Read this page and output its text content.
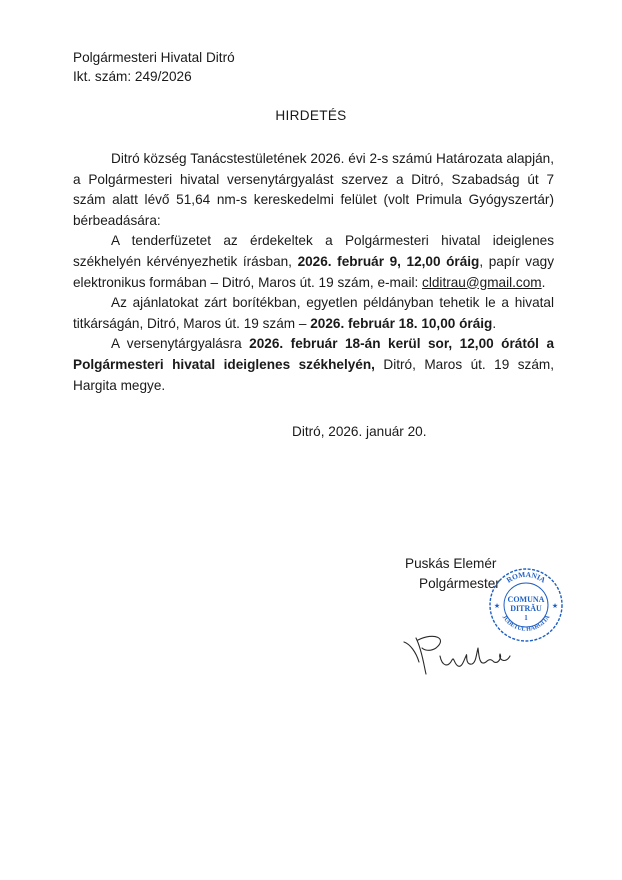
Polgármesteri Hivatal Ditró
Ikt. szám: 249/2026
HIRDETÉS

Ditró község Tanácstestületének 2026. évi 2-s számú Határozata alapján, a Polgármesteri hivatal versenytárgyalást szervez a Ditró, Szabadság út 7 szám alatt lévő 51,64 nm-s kereskedelmi felület (volt Primula Gyógyszertár) bérbeadására:

A tenderfüzetet az érdekeltek a Polgármesteri hivatal ideiglenes székhelyén kérvényezhetik írásban, 2026. február 9, 12,00 óráig, papír vagy elektronikus formában – Ditró, Maros út. 19 szám, e-mail: clditrau@gmail.com.

Az ajánlatokat zárt borítékban, egyetlen példányban tehetik le a hivatal titkárságán, Ditró, Maros út. 19 szám – 2026. február 18. 10,00 óráig.

A versenytárgyalásra 2026. február 18-án kerül sor, 12,00 órától a Polgármesteri hivatal ideiglenes székhelyén, Ditró, Maros út. 19 szám, Hargita megye.

Ditró, 2026. január 20.
Puskás Elemér
Polgármester ROMANIA
JUDETUL HARGITA
COMUNA
DITRĂU
1
★	★
